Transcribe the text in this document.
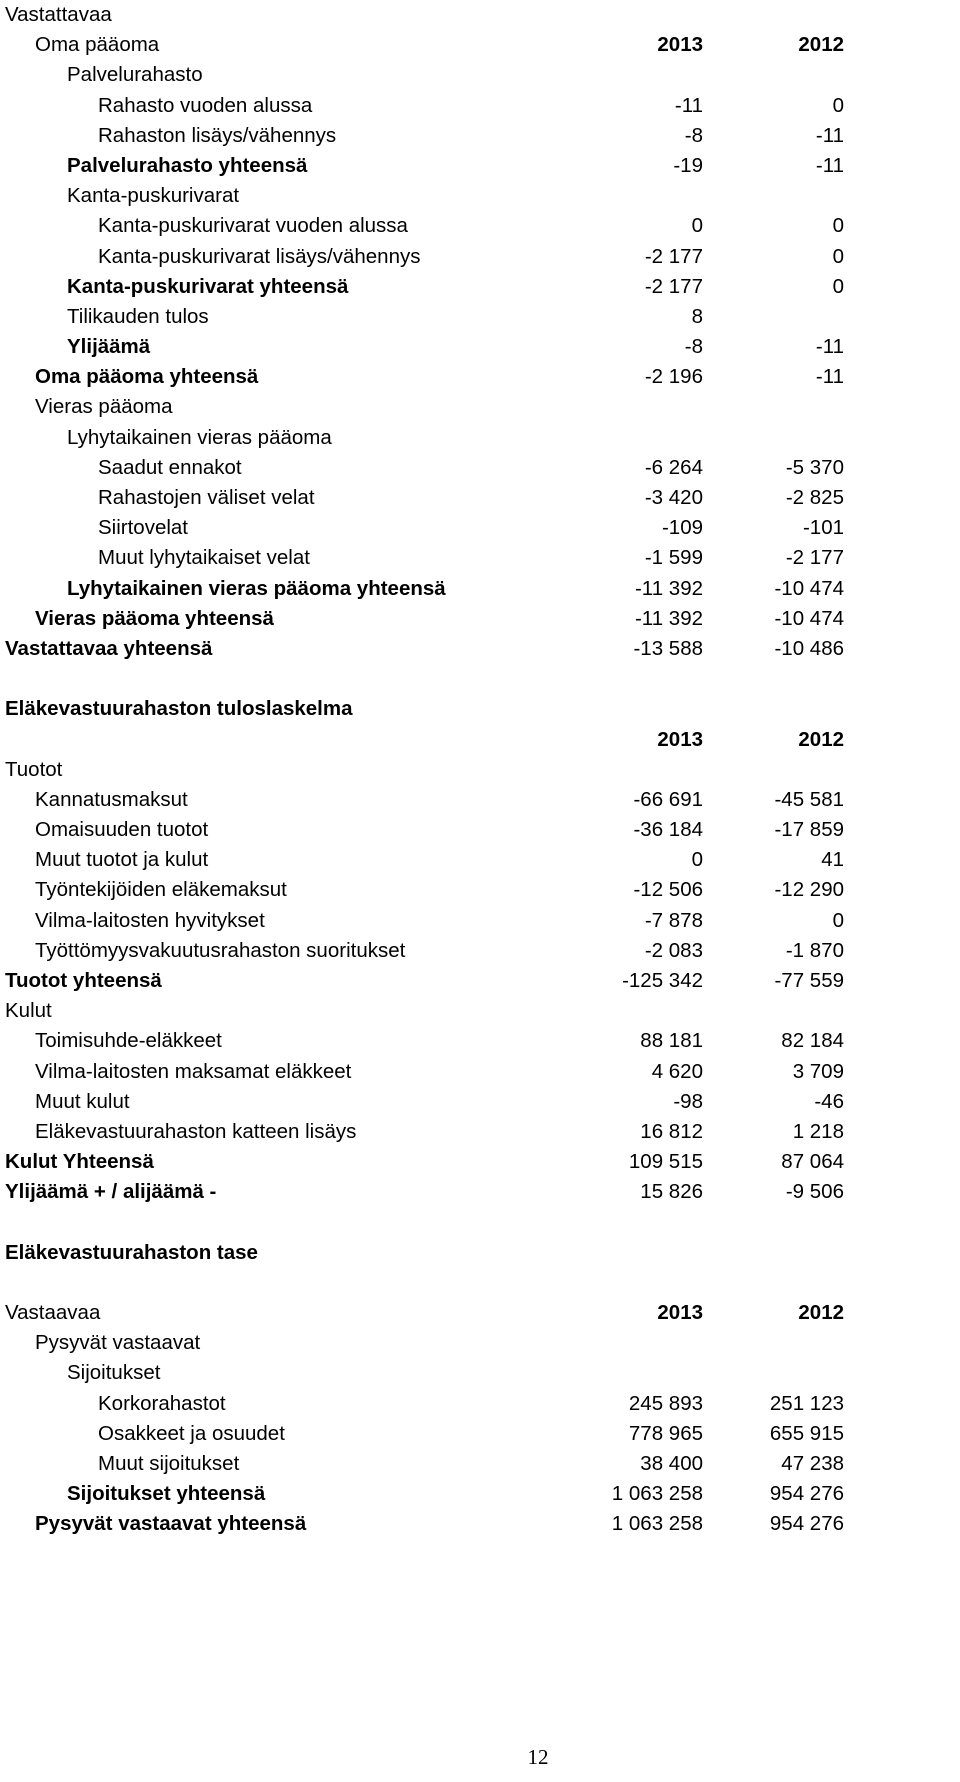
Vastattavaa
Oma pääoma	2013	2012
Palvelurahasto
Rahasto vuoden alussa	-11	0
Rahaston lisäys/vähennys	-8	-11
Palvelurahasto yhteensä	-19	-11
Kanta-puskurivarat
Kanta-puskurivarat vuoden alussa	0	0
Kanta-puskurivarat lisäys/vähennys	-2 177	0
Kanta-puskurivarat yhteensä	-2 177	0
Tilikauden tulos	8
Ylijäämä	-8	-11
Oma pääoma yhteensä	-2 196	-11
Vieras pääoma
Lyhytaikainen vieras pääoma
Saadut ennakot	-6 264	-5 370
Rahastojen väliset velat	-3 420	-2 825
Siirtovelat	-109	-101
Muut lyhytaikaiset velat	-1 599	-2 177
Lyhytaikainen vieras pääoma yhteensä	-11 392	-10 474
Vieras pääoma yhteensä	-11 392	-10 474
Vastattavaa yhteensä	-13 588	-10 486
Eläkevastuurahaston tuloslaskelma
2013	2012
Tuotot
Kannatusmaksut	-66 691	-45 581
Omaisuuden tuotot	-36 184	-17 859
Muut tuotot ja kulut	0	41
Työntekijöiden eläkemaksut	-12 506	-12 290
Vilma-laitosten hyvitykset	-7 878	0
Työttömyysvakuutusrahaston suoritukset	-2 083	-1 870
Tuotot yhteensä	-125 342	-77 559
Kulut
Toimisuhde-eläkkeet	88 181	82 184
Vilma-laitosten maksamat eläkkeet	4 620	3 709
Muut kulut	-98	-46
Eläkevastuurahaston katteen lisäys	16 812	1 218
Kulut Yhteensä	109 515	87 064
Ylijäämä + / alijäämä -	15 826	-9 506
Eläkevastuurahaston tase
Vastaavaa	2013	2012
Pysyvät vastaavat
Sijoitukset
Korkorahastot	245 893	251 123
Osakkeet ja osuudet	778 965	655 915
Muut sijoitukset	38 400	47 238
Sijoitukset yhteensä	1 063 258	954 276
Pysyvät vastaavat yhteensä	1 063 258	954 276
12
